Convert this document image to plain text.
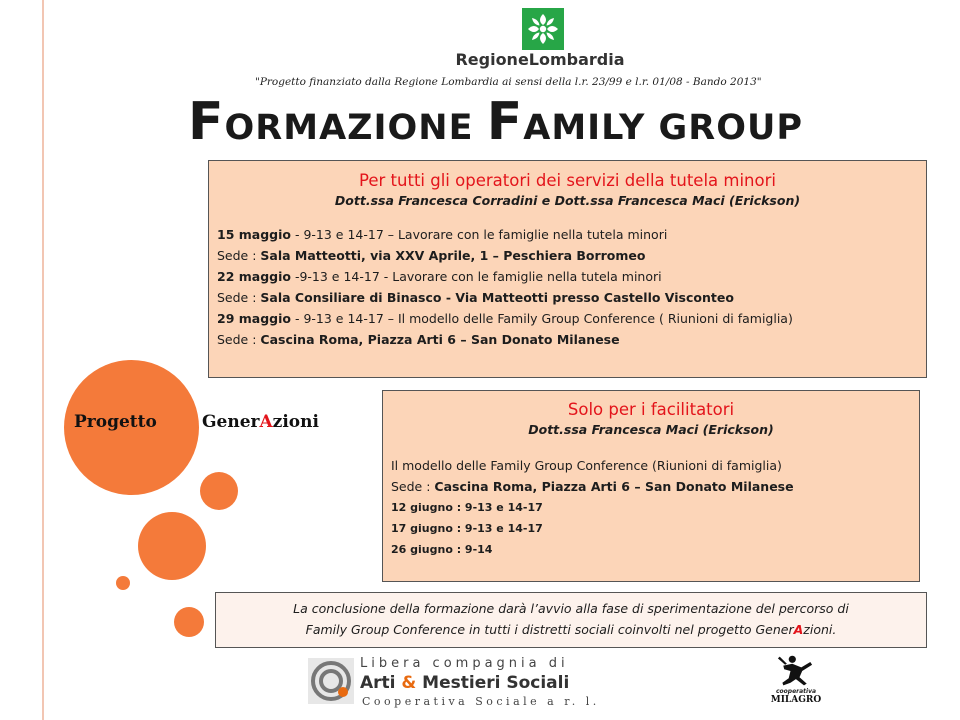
RegioneLombardia
"Progetto finanziato dalla Regione Lombardia ai sensi della l.r. 23/99 e l.r. 01/08 - Bando 2013"
FORMAZIONE FAMILY GROUP
Progetto	GenerAzioni
Per tutti gli operatori dei servizi della tutela minori
Dott.ssa Francesca Corradini e Dott.ssa Francesca Maci (Erickson)
15 maggio - 9-13 e 14-17 – Lavorare con le famiglie nella tutela minori
Sede : Sala Matteotti, via XXV Aprile, 1 – Peschiera Borromeo
22 maggio -9-13 e 14-17 - Lavorare con le famiglie nella tutela minori
Sede : Sala Consiliare di Binasco - Via Matteotti presso Castello Visconteo
29 maggio - 9-13 e 14-17 – Il modello delle Family Group Conference ( Riunioni di famiglia)
Sede : Cascina Roma, Piazza Arti 6 – San Donato Milanese
Solo per i facilitatori
Dott.ssa Francesca Maci (Erickson)
Il modello delle Family Group Conference (Riunioni di famiglia)
Sede : Cascina Roma, Piazza Arti 6 – San Donato Milanese
12 giugno : 9-13 e 14-17
17 giugno : 9-13 e 14-17
26 giugno : 9-14
La conclusione della formazione darà l’avvio alla fase di sperimentazione del percorso di
Family Group Conference in tutti i distretti sociali coinvolti nel progetto GenerAzioni.
Libera compagnia di
Arti & Mestieri Sociali
Cooperativa Sociale a r. l.
cooperativa
MILAGRO
